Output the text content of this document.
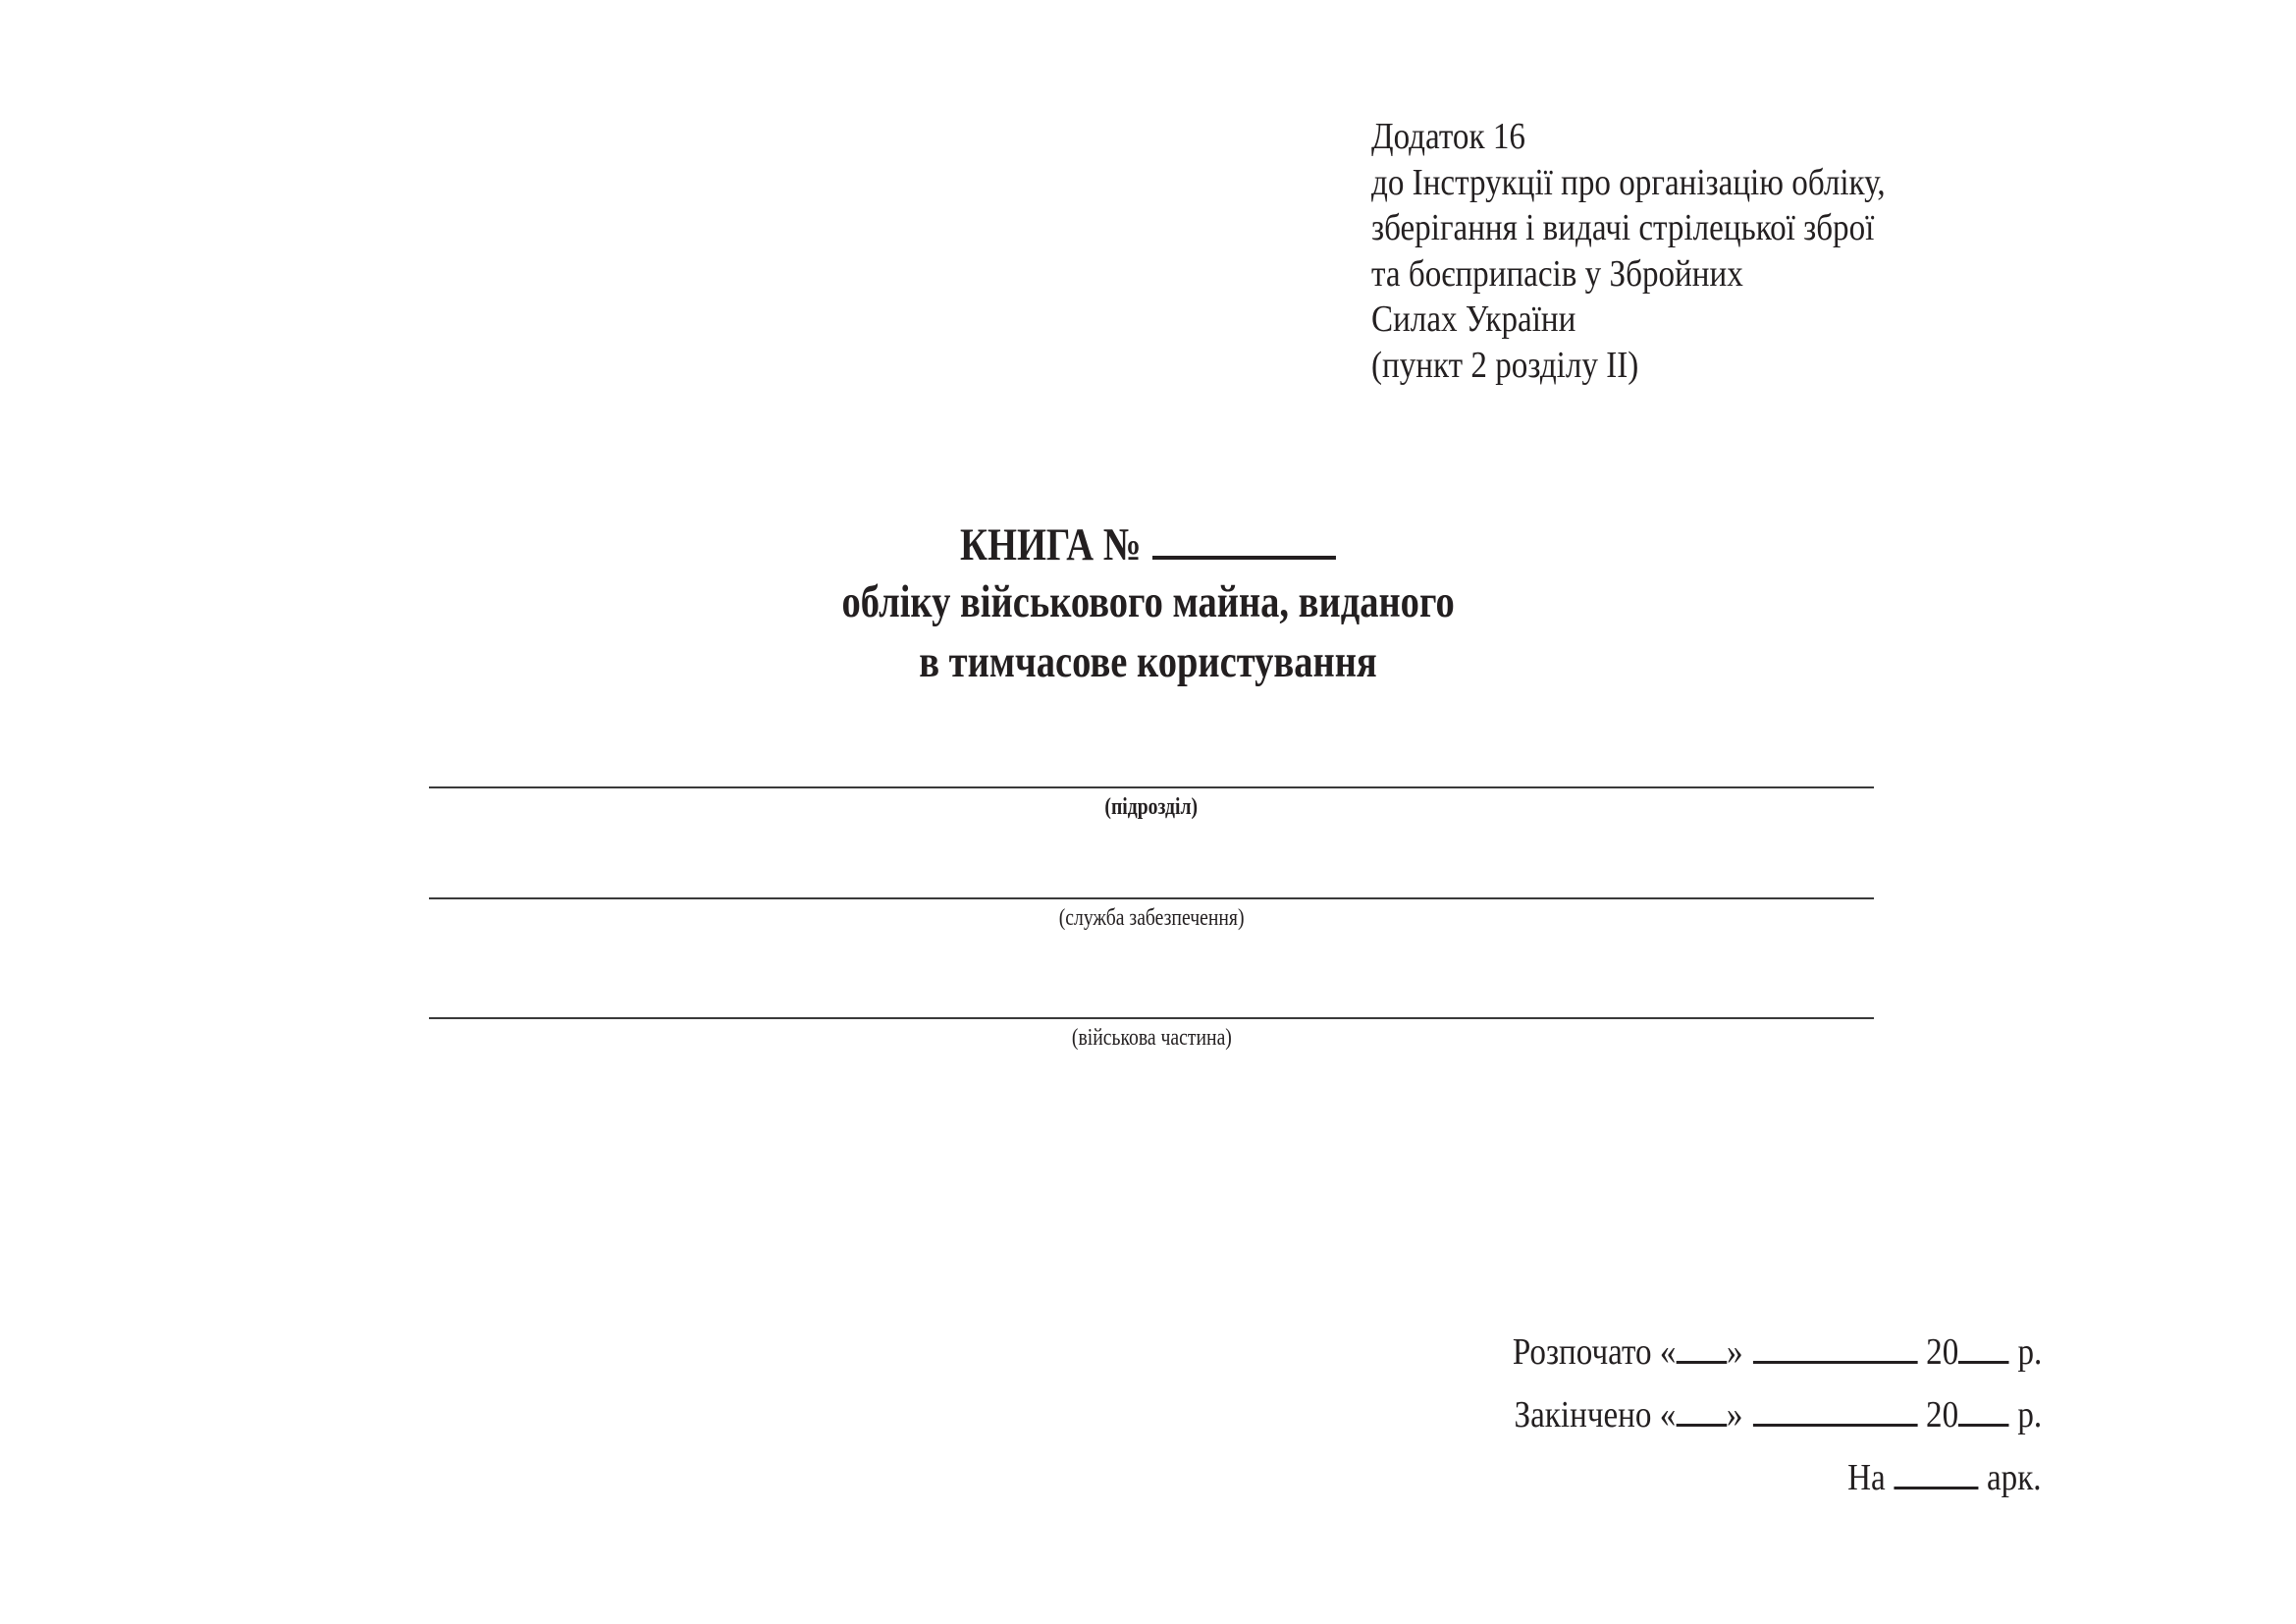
Додаток 16
до Інструкції про організацію обліку,
зберігання і видачі стрілецької зброї
та боєприпасів у Збройних
Силах України
(пункт 2 розділу ІІ)
КНИГА №
обліку військового майна, виданого
в тимчасове користування
(підрозділ)
(служба забезпечення)
(військова частина)
Розпочато « »	20 р.
Закінчено « »	20 р.
На	арк.
